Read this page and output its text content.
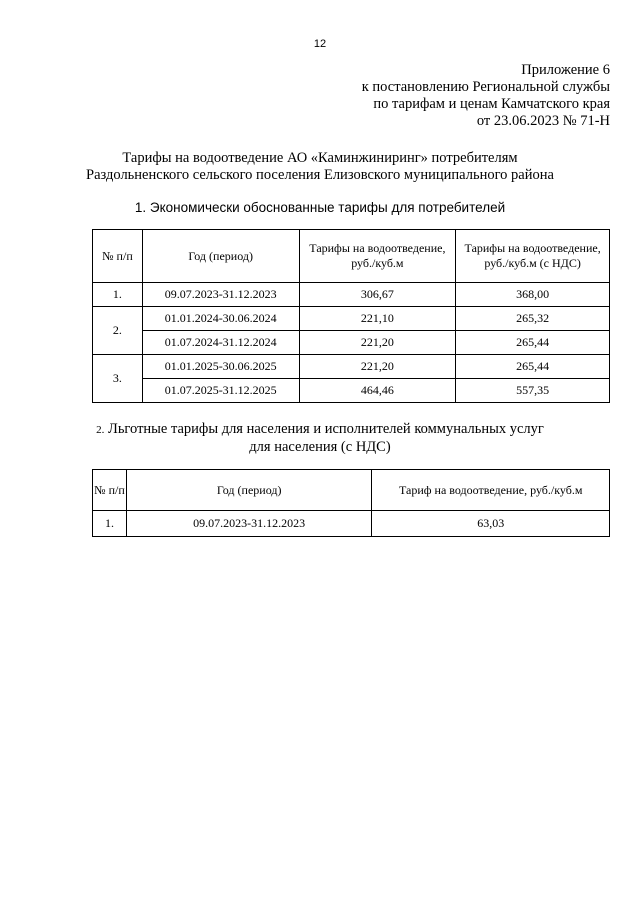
12
Приложение 6
к постановлению Региональной службы
по тарифам и ценам Камчатского края
от 23.06.2023 № 71-Н
Тарифы на водоотведение АО «Каминжиниринг» потребителям
Раздольненского сельского поселения Елизовского муниципального района
1. Экономически обоснованные тарифы для потребителей
№ п/п	Год (период)	Тарифы на водоотведение, руб./куб.м	Тарифы на водоотведение, руб./куб.м (с НДС)
1.	09.07.2023-31.12.2023	306,67	368,00
2.	01.01.2024-30.06.2024	221,10	265,32
	01.07.2024-31.12.2024	221,20	265,44
3.	01.01.2025-30.06.2025	221,20	265,44
	01.07.2025-31.12.2025	464,46	557,35
2. Льготные тарифы для населения и исполнителей коммунальных услуг
для населения (с НДС)
№ п/п	Год (период)	Тариф на водоотведение, руб./куб.м
1.	09.07.2023-31.12.2023	63,03
